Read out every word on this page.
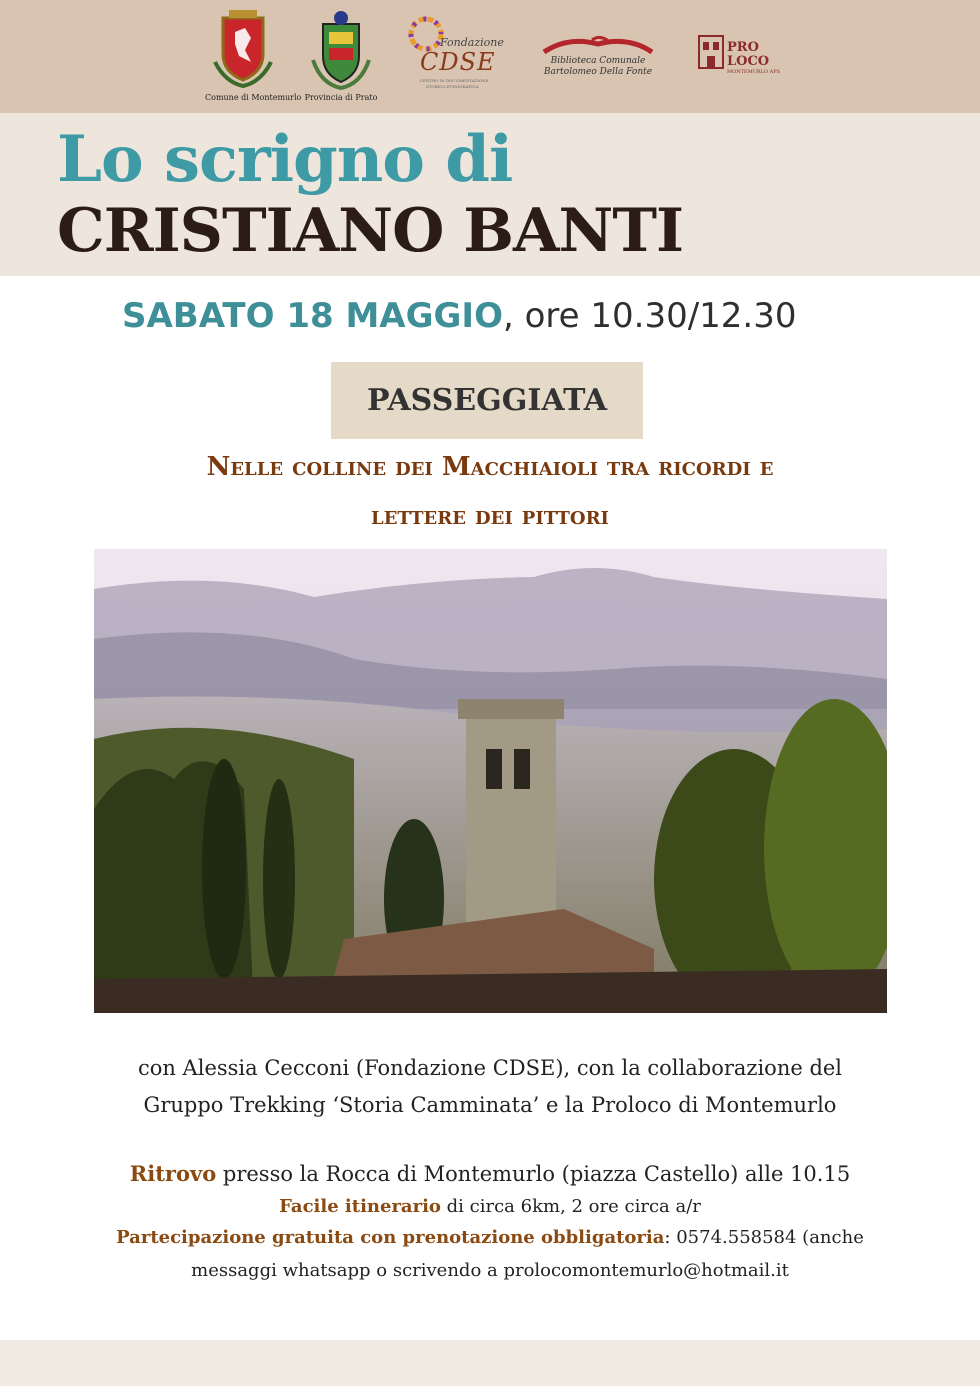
Comune di Montemurlo Provincia di Prato
Fondazione
CDSE
CENTRO DI DOCUMENTAZIONE
STORICO ETNOGRAFICA
Biblioteca Comunale
Bartolomeo Della Fonte
PRO
LOCO
MONTEMURLO APS
Lo scrigno di
CRISTIANO BANTI
SABATO 18 MAGGIO, ore 10.30/12.30
PASSEGGIATA
Nelle colline dei Macchiaioli tra ricordi e
lettere dei pittori
con Alessia Cecconi (Fondazione CDSE), con la collaborazione del
Gruppo Trekking ‘Storia Camminata’ e la Proloco di Montemurlo
Ritrovo presso la Rocca di Montemurlo (piazza Castello) alle 10.15
Facile itinerario di circa 6km, 2 ore circa a/r
Partecipazione gratuita con prenotazione obbligatoria: 0574.558584 (anche
messaggi whatsapp o scrivendo a prolocomontemurlo@hotmail.it
